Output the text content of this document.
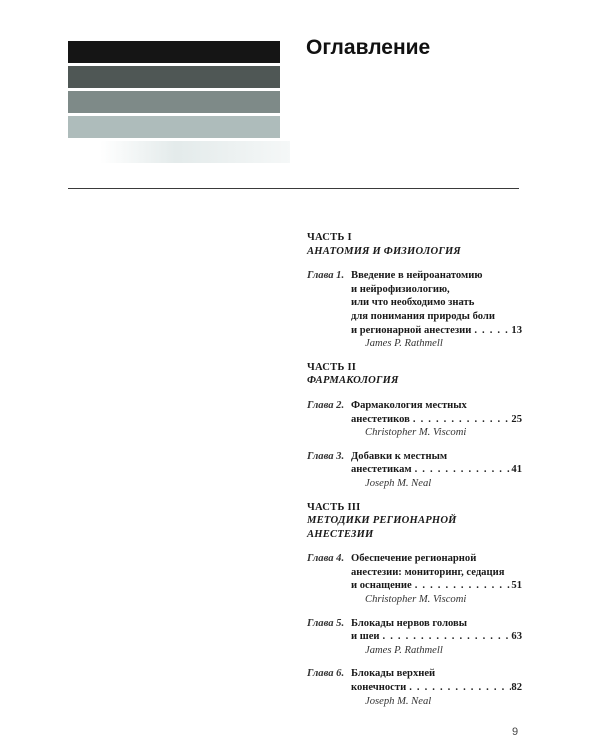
Оглавление
ЧАСТЬ I
АНАТОМИЯ И ФИЗИОЛОГИЯ
Глава 1. Введение в нейроанатомию
и нейрофизиологию,
или что необходимо знать
для понимания природы боли
и регионарной анестезии . . .	13
James P. Rathmell
ЧАСТЬ II
ФАРМАКОЛОГИЯ
Глава 2. Фармакология местных
анестетиков . . .	25
Christopher M. Viscomi
Глава 3. Добавки к местным
анестетикам . . .	41
Joseph M. Neal
ЧАСТЬ III
МЕТОДИКИ РЕГИОНАРНОЙ АНЕСТЕЗИИ
Глава 4. Обеспечение регионарной
анестезии: мониторинг, седация
и оснащение . . .	51
Christopher M. Viscomi
Глава 5. Блокады нервов головы
и шеи . . .	63
James P. Rathmell
Глава 6. Блокады верхней
конечности . . .	82
Joseph M. Neal
9
